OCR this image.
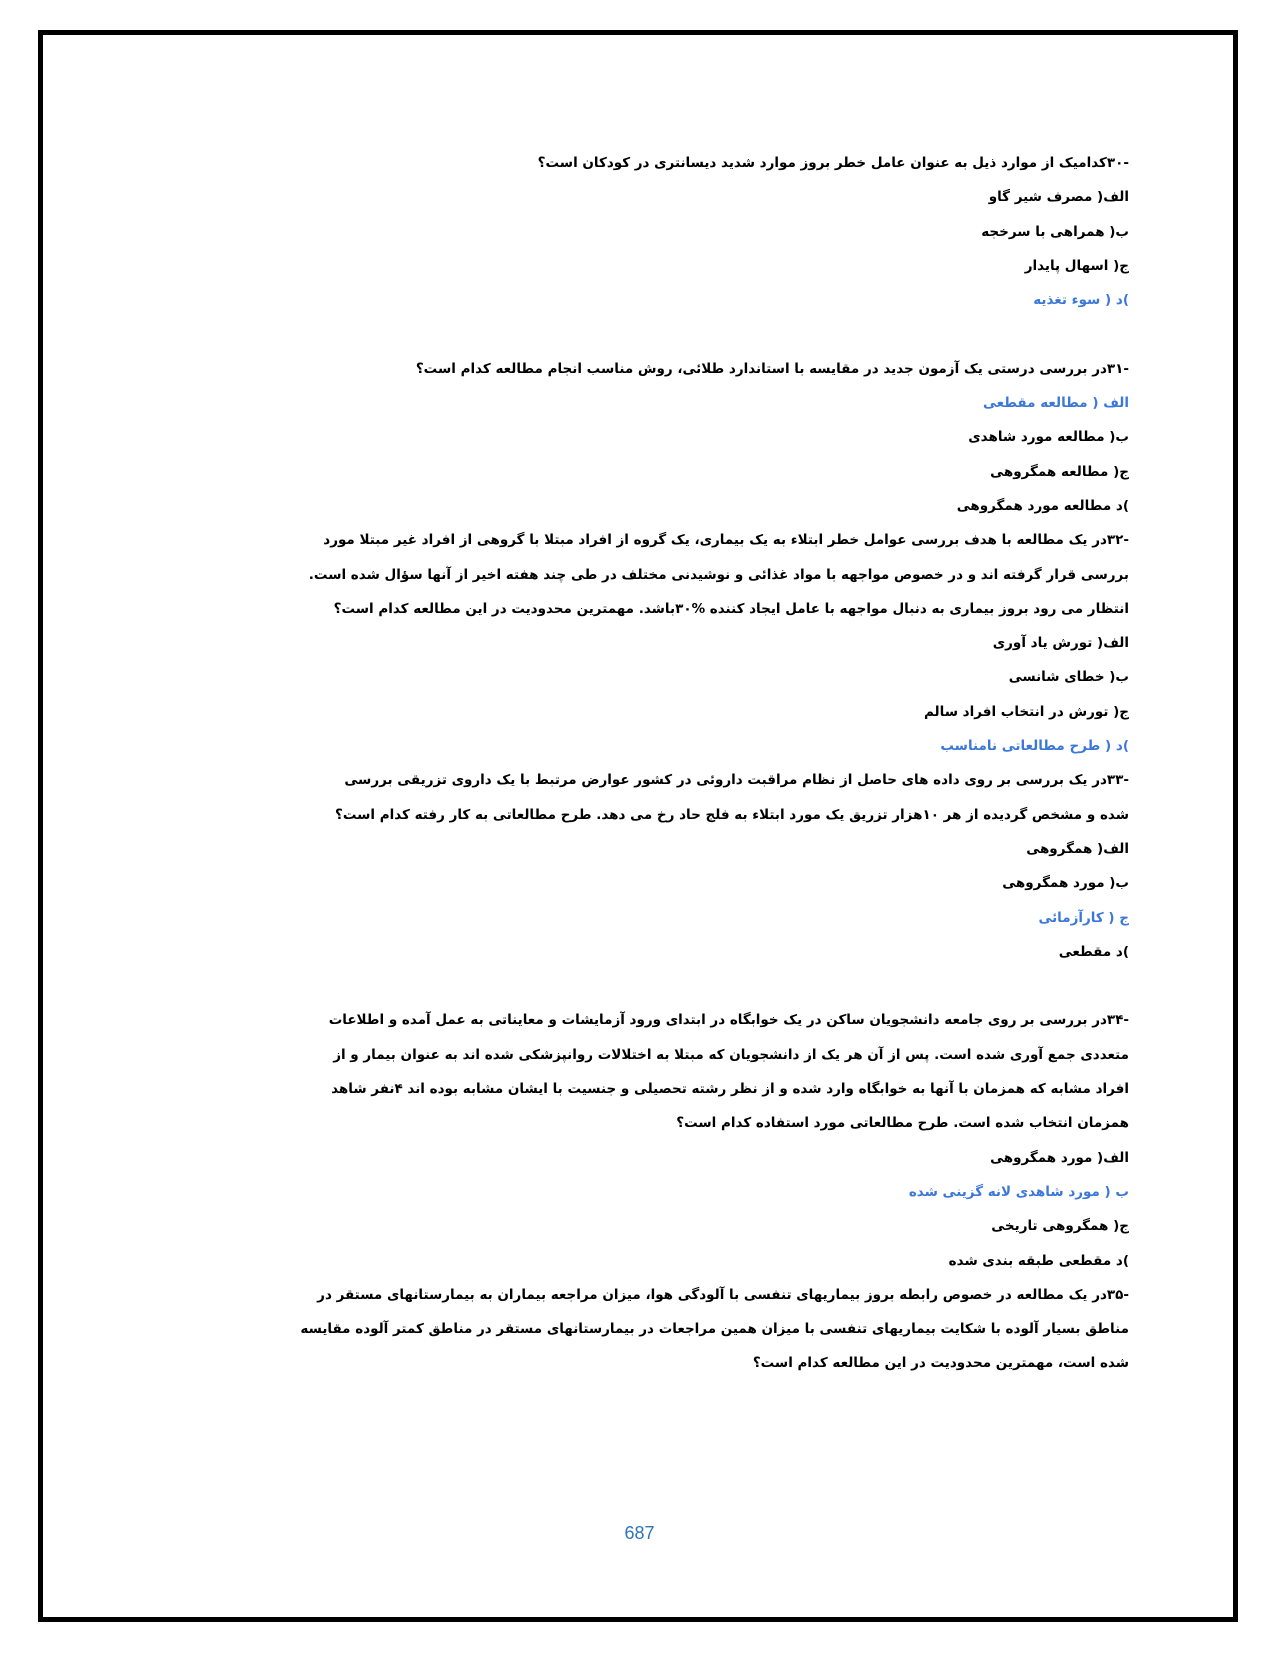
-۳۰کدامیک از موارد ذیل به عنوان عامل خطر بروز موارد شدید دیسانتری در کودکان است؟
الف( مصرف شیر گاو
ب( همراهی با سرخجه
ج( اسهال پایدار
)د ( سوء تغذیه
-۳۱در بررسی درستی یک آزمون جدید در مقایسه با استاندارد طلائی، روش مناسب انجام مطالعه کدام است؟
الف ( مطالعه مقطعی
ب( مطالعه مورد شاهدی
ج( مطالعه همگروهی
)د مطالعه مورد همگروهی
-۳۲در یک مطالعه با هدف بررسی عوامل خطر ابتلاء به یک بیماری، یک گروه از افراد مبتلا با گروهی از افراد غیر مبتلا مورد
بررسی قرار گرفته اند و در خصوص مواجهه با مواد غذائی و نوشیدنی مختلف در طی چند هفته اخیر از آنها سؤال شده است.
انتظار می رود بروز بیماری به دنبال مواجهه با عامل ایجاد کننده %۳۰باشد. مهمترین محدودیت در این مطالعه کدام است؟
الف( تورش یاد آوری
ب( خطای شانسی
ج( تورش در انتخاب افراد سالم
)د ( طرح مطالعاتی نامناسب
-۳۳در یک بررسی بر روی داده های حاصل از نظام مراقبت داروئی در کشور عوارض مرتبط با یک داروی تزریقی بررسی
شده و مشخص گردیده از هر ۱۰هزار تزریق یک مورد ابتلاء به فلج حاد رخ می دهد. طرح مطالعاتی به کار رفته کدام است؟
الف( همگروهی
ب( مورد همگروهی
ج ( کارآزمائی
)د مقطعی
-۳۴در بررسی بر روی جامعه دانشجویان ساکن در یک خوابگاه در ابتدای ورود آزمایشات و معایناتی به عمل آمده و اطلاعات
متعددی جمع آوری شده است. پس از آن هر یک از دانشجویان که مبتلا به اختلالات روانپزشکی شده اند به عنوان بیمار و از
افراد مشابه که همزمان با آنها به خوابگاه وارد شده و از نظر رشته تحصیلی و جنسیت با ایشان مشابه بوده اند ۴نفر شاهد
همزمان انتخاب شده است. طرح مطالعاتی مورد استفاده کدام است؟
الف( مورد همگروهی
ب ( مورد شاهدی لانه گزینی شده
ج( همگروهی تاریخی
)د مقطعی طبقه بندی شده
-۳۵در یک مطالعه در خصوص رابطه بروز بیماریهای تنفسی با آلودگی هوا، میزان مراجعه بیماران به بیمارستانهای مستقر در
مناطق بسیار آلوده با شکایت بیماریهای تنفسی با میزان همین مراجعات در بیمارستانهای مستقر در مناطق کمتر آلوده مقایسه
شده است، مهمترین محدودیت در این مطالعه کدام است؟
687
